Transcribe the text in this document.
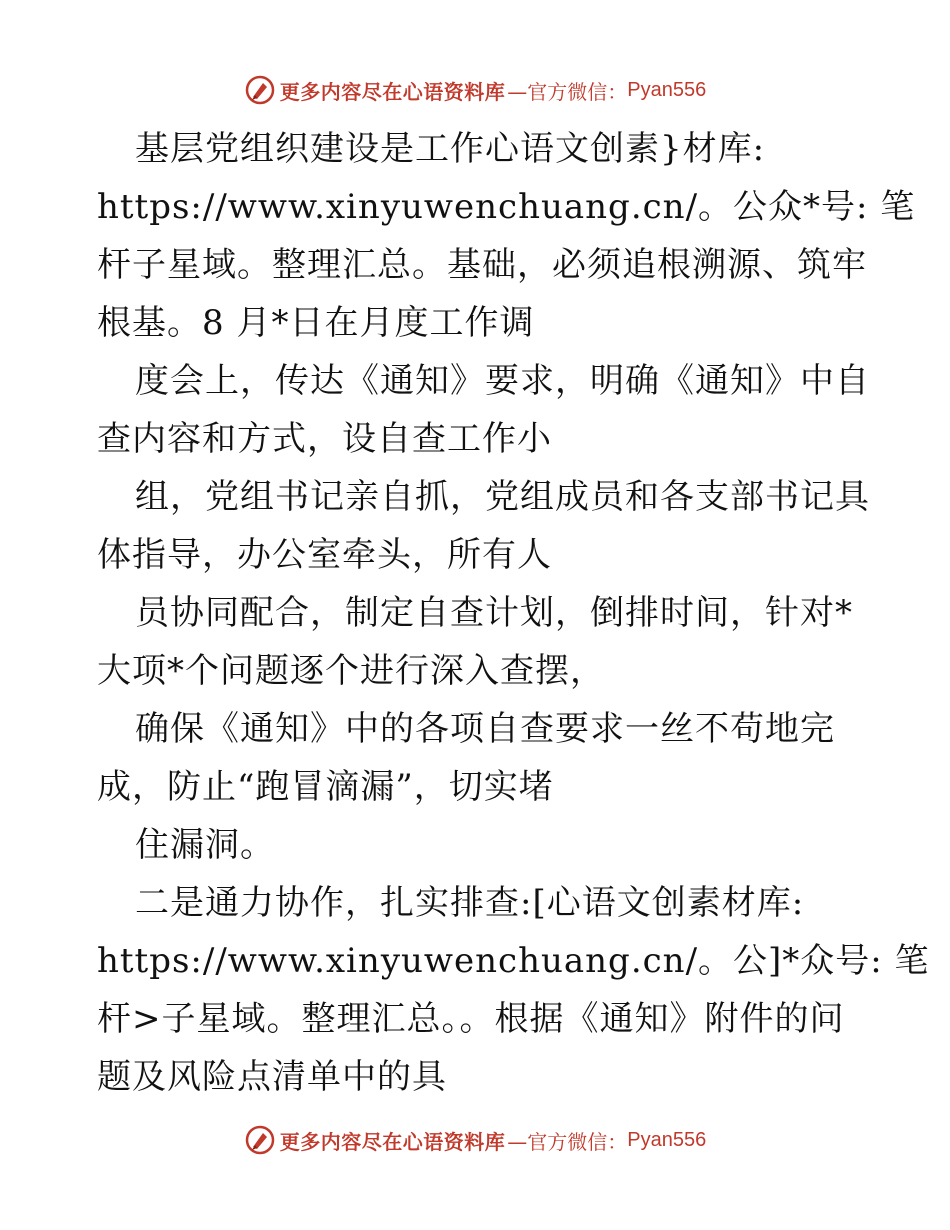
更多内容尽在心语资料库 —官方微信： Pyan556
基层党组织建设是工作心语文创素}材库:
https://www.xinyuwenchuang.cn/。公众*号: 笔
杆子星域。整理汇总。基础，必须追根溯源、筑牢
根基。8 月*日在月度工作调
度会上，传达《通知》要求，明确《通知》中自
查内容和方式，设自查工作小
组，党组书记亲自抓，党组成员和各支部书记具
体指导，办公室牵头，所有人
员协同配合，制定自查计划，倒排时间，针对*
大项*个问题逐个进行深入查摆，
确保《通知》中的各项自查要求一丝不苟地完
成，防止“跑冒滴漏”，切实堵
住漏洞。
二是通力协作，扎实排查:[心语文创素材库:
https://www.xinyuwenchuang.cn/。公]*众号: 笔
杆>子星域。整理汇总。。根据《通知》附件的问
题及风险点清单中的具
更多内容尽在心语资料库 —官方微信： Pyan556
